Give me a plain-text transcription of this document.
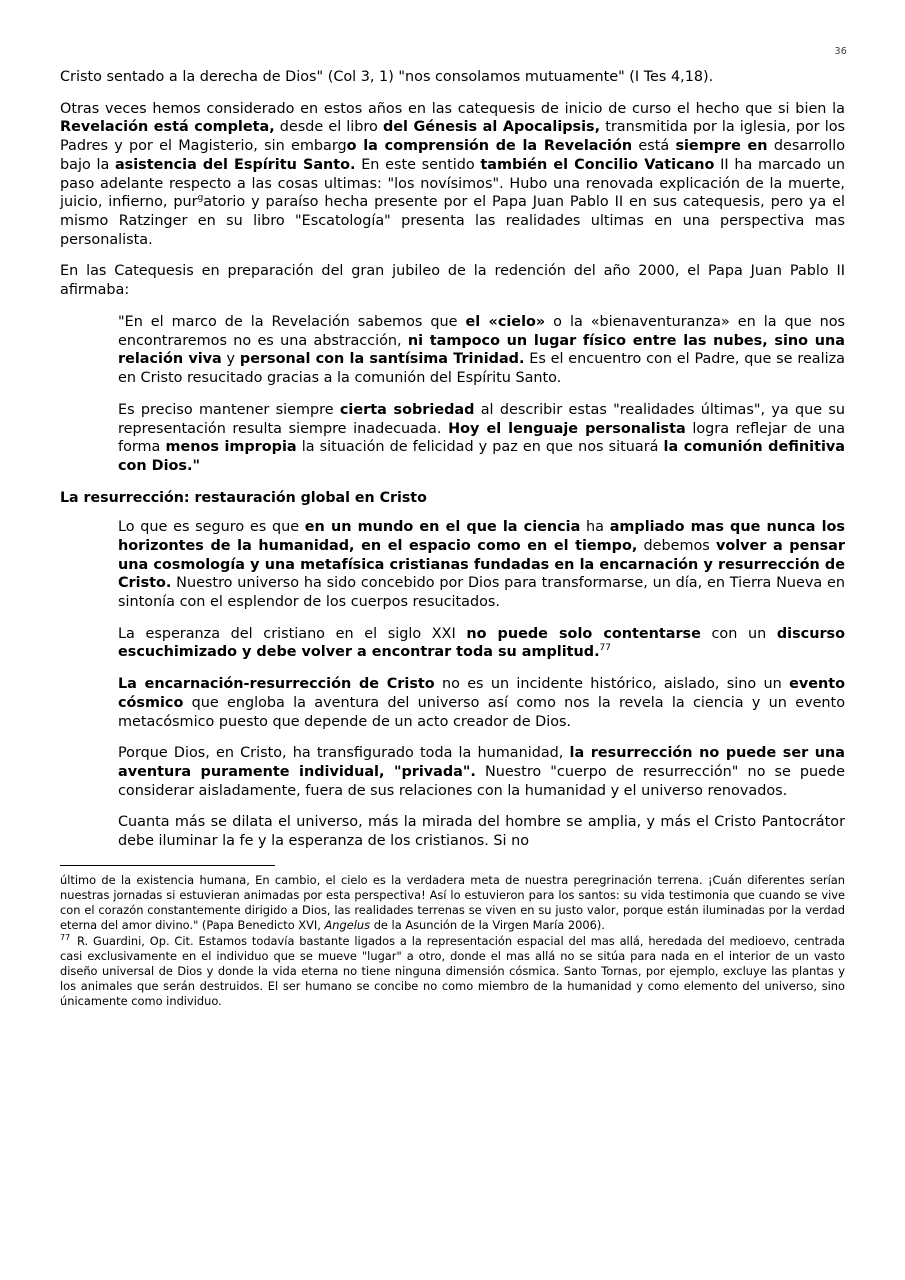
36

Cristo sentado a la derecha de Dios" (Col 3, 1) "nos consolamos mutuamente" (I Tes 4,18).

Otras veces hemos considerado en estos años en las catequesis de inicio de curso el hecho que si bien la Revelación está completa, desde el libro del Génesis al Apocalipsis, transmitida por la iglesia, por los Padres y por el Magisterio, sin embargo la comprensión de la Revelación está siempre en desarrollo bajo la asistencia del Espíritu Santo. En este sentido también el Concilio Vaticano II ha marcado un paso adelante respecto a las cosas ultimas: "los novísimos". Hubo una renovada explicación de la muerte, juicio, infierno, pur$^g$atorio y paraíso hecha presente por el Papa Juan Pablo II en sus catequesis, pero ya el mismo Ratzinger en su libro "Escatología" presenta las realidades ultimas en una perspectiva mas personalista.

En las Catequesis en preparación del gran jubileo de la redención del año 2000, el Papa Juan Pablo II afirmaba:

"En el marco de la Revelación sabemos que el «cielo» o la «bienaventuranza» en la que nos encontraremos no es una abstracción, ni tampoco un lugar físico entre las nubes, sino una relación viva y personal con la santísima Trinidad. Es el encuentro con el Padre, que se realiza en Cristo resucitado gracias a la comunión del Espíritu Santo.

Es preciso mantener siempre cierta sobriedad al describir estas "realidades últimas", ya que su representación resulta siempre inadecuada. Hoy el lenguaje personalista logra reflejar de una forma menos impropia la situación de felicidad y paz en que nos situará la comunión definitiva con Dios."

La resurrección: restauración global en Cristo

Lo que es seguro es que en un mundo en el que la ciencia ha ampliado mas que nunca los horizontes de la humanidad, en el espacio como en el tiempo, debemos volver a pensar una cosmología y una metafísica cristianas fundadas en la encarnación y resurrección de Cristo. Nuestro universo ha sido concebido por Dios para transformarse, un día, en Tierra Nueva en sintonía con el esplendor de los cuerpos resucitados.

La esperanza del cristiano en el siglo XXI no puede solo contentarse con un discurso escuchimizado y debe volver a encontrar toda su amplitud.$^{77}$

La encarnación-resurrección de Cristo no es un incidente histórico, aislado, sino un evento cósmico que engloba la aventura del universo así como nos la revela la ciencia y un evento metacósmico puesto que depende de un acto creador de Dios.

Porque Dios, en Cristo, ha transfigurado toda la humanidad, la resurrección no puede ser una aventura puramente individual, "privada". Nuestro "cuerpo de resurrección" no se puede considerar aisladamente, fuera de sus relaciones con la humanidad y el universo renovados.

Cuanta más se dilata el universo, más la mirada del hombre se amplia, y más el Cristo Pantocrátor debe iluminar la fe y la esperanza de los cristianos. Si no

último de la existencia humana, En cambio, el cielo es la verdadera meta de nuestra peregrinación terrena. ¡Cuán diferentes serían nuestras jornadas si estuvieran animadas por esta perspectiva! Así lo estuvieron para los santos: su vida testimonia que cuando se vive con el corazón constantemente dirigido a Dios, las realidades terrenas se viven en su justo valor, porque están iluminadas por la verdad eterna del amor divino." (Papa Benedicto XVI, Angelus de la Asunción de la Virgen María 2006).

$^{77}$ R. Guardini, Op. Cit. Estamos todavía bastante ligados a la representación espacial del mas allá, heredada del medioevo, centrada casi exclusivamente en el individuo que se mueve "lugar" a otro, donde el mas allá no se sitúa para nada en el interior de un vasto diseño universal de Dios y donde la vida eterna no tiene ninguna dimensión cósmica. Santo Tornas, por ejemplo, excluye las plantas y los animales que serán destruidos. El ser humano se concibe no como miembro de la humanidad y como elemento del universo, sino únicamente como individuo.
